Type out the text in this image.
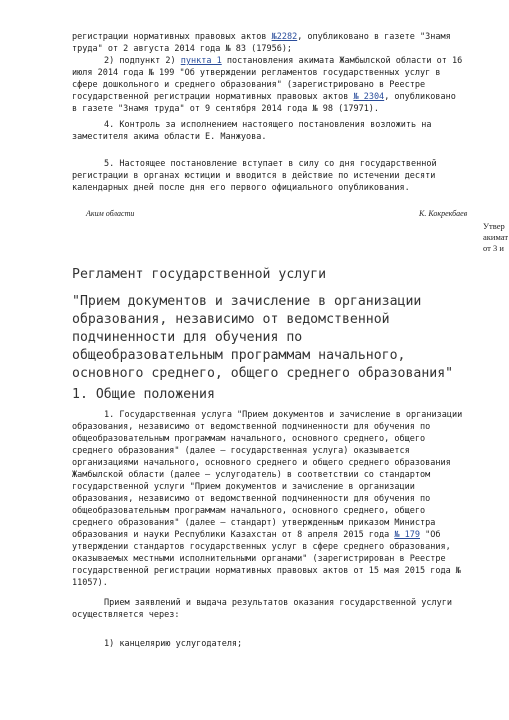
регистрации нормативных правовых актов №2282, опубликовано в газете "Знамя
труда" от 2 августа 2014 года № 83 (17956);
2) подпункт 2) пункта 1 постановления акимата Жамбылской области от 16
июля 2014 года № 199 "Об утверждении регламентов государственных услуг в
сфере дошкольного и среднего образования" (зарегистрировано в Реестре
государственной регистрации нормативных правовых актов № 2304, опубликовано
в газете "Знамя труда" от 9 сентября 2014 года № 98 (17971).
4. Контроль за исполнением настоящего постановления возложить на
заместителя акима области Е. Манжуова.
5. Настоящее постановление вступает в силу со дня государственной
регистрации в органах юстиции и вводится в действие по истечении десяти
календарных дней после дня его первого официального опубликования.
Аким области	К. Кокрекбаев
Утвер
акимат
от 3 и
Регламент государственной услуги
"Прием документов и зачисление в организации
образования, независимо от ведомственной
подчиненности для обучения по
общеобразовательным программам начального,
основного среднего, общего среднего образования"
1. Общие положения
1. Государственная услуга "Прием документов и зачисление в организации
образования, независимо от ведомственной подчиненности для обучения по
общеобразовательным программам начального, основного среднего, общего
среднего образования" (далее – государственная услуга) оказывается
организациями начального, основного среднего и общего среднего образования
Жамбылской области (далее – услугодатель) в соответствии со стандартом
государственной услуги "Прием документов и зачисление в организации
образования, независимо от ведомственной подчиненности для обучения по
общеобразовательным программам начального, основного среднего, общего
среднего образования" (далее – стандарт) утвержденным приказом Министра
образования и науки Республики Казахстан от 8 апреля 2015 года № 179 "Об
утверждении стандартов государственных услуг в сфере среднего образования,
оказываемых местными исполнительными органами" (зарегистрирован в Реестре
государственной регистрации нормативных правовых актов от 15 мая 2015 года №
11057).
Прием заявлений и выдача результатов оказания государственной услуги
осуществляется через:
1) канцелярию услугодателя;
